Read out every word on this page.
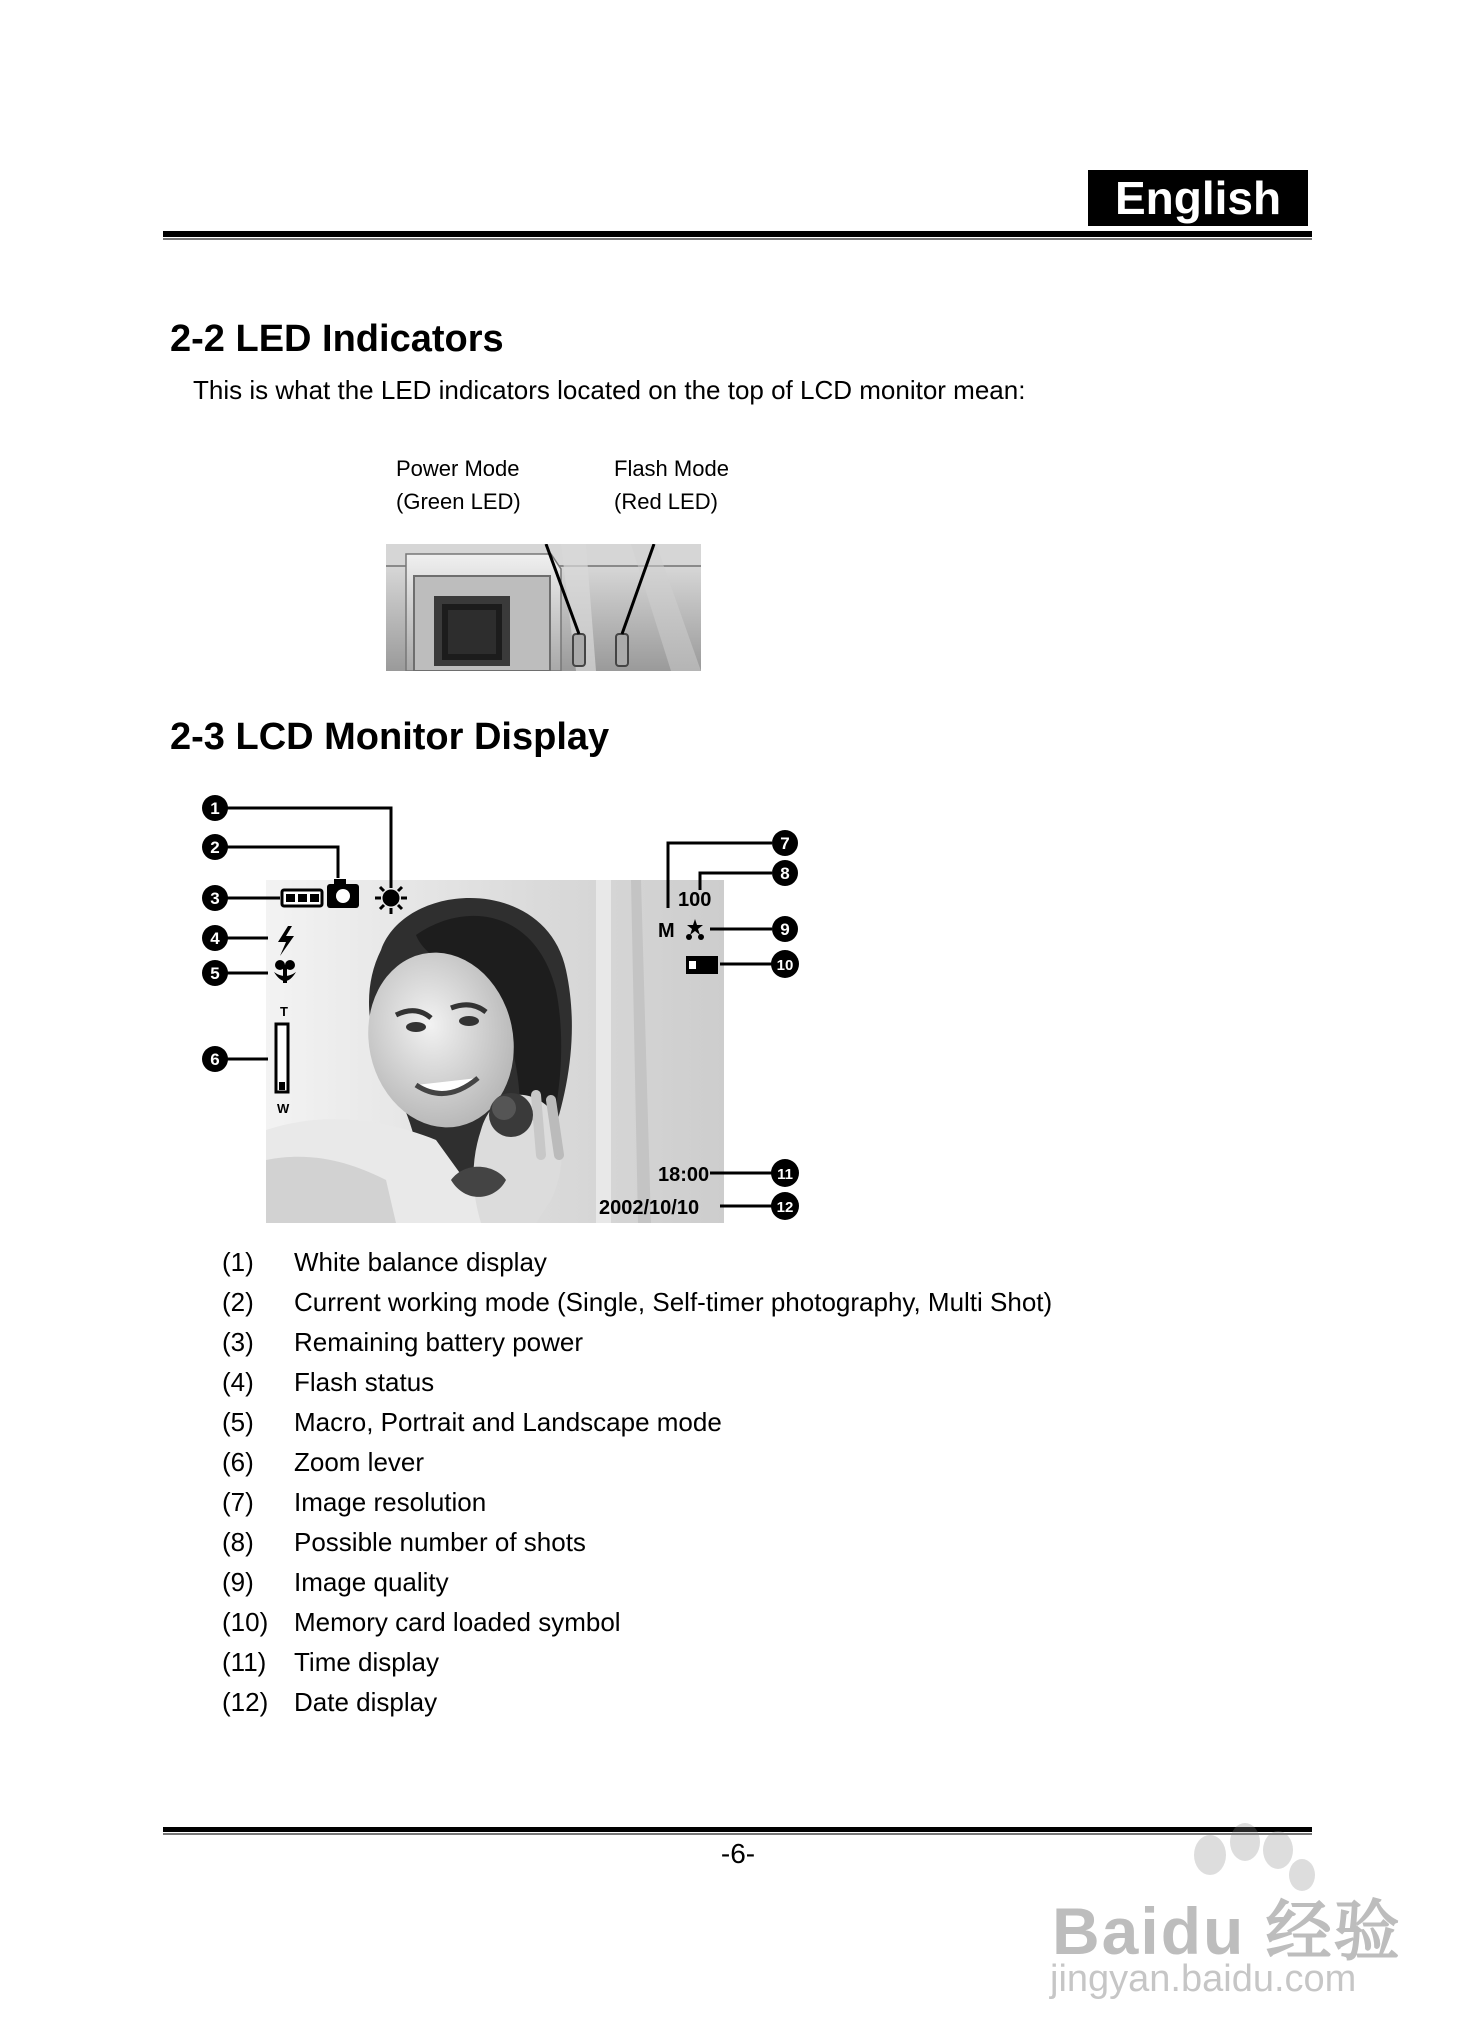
English
2-2 LED Indicators
This is what the LED indicators located on the top of LCD monitor mean:
Power Mode
(Green LED)
Flash Mode
(Red LED)
2-3 LCD Monitor Display
T
W
100
M
18:00
2002/10/10
1
2
3
4
5
6
7
8
9
10
11
12
(1)	White balance display
(2)	Current working mode (Single, Self-timer photography, Multi Shot)
(3)	Remaining battery power
(4)	Flash status
(5)	Macro, Portrait and Landscape mode
(6)	Zoom lever
(7)	Image resolution
(8)	Possible number of shots
(9)	Image quality
(10) Memory card loaded symbol
(11)	Time display
(12) Date display
-6-
Baidu 经验
jingyan.baidu.com
